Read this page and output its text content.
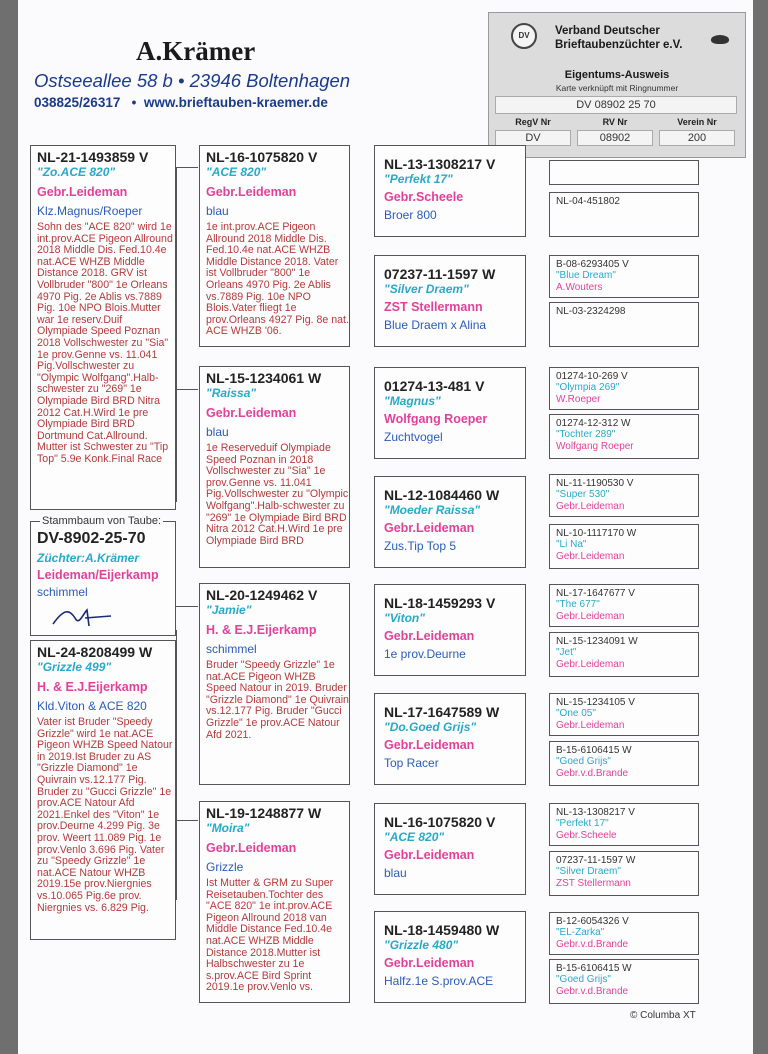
A.Krämer
Ostseeallee 58 b • 23946 Boltenhagen
038825/26317   •  www.brieftauben-kraemer.de
DV	Verband Deutscher
Brieftaubenzüchter e.V.
Eigentums-Ausweis
Karte verknüpft mit Ringnummer
DV 08902 25 70
RegV Nr
DV
RV Nr
08902
Verein Nr
200
NL-21-1493859 V
"Zo.ACE 820"
Gebr.Leideman
Klz.Magnus/Roeper
Sohn des "ACE 820" wird 1e int.prov.ACE Pigeon Allround 2018 Middle Dis. Fed.10.4e nat.ACE WHZB Middle Distance 2018. GRV ist Vollbruder "800" 1e Orleans 4970 Pig. 2e Ablis vs.7889 Pig. 10e NPO Blois.Mutter war 1e reserv.Duif Olympiade Speed Poznan 2018 Vollschwester zu "Sia" 1e prov.Genne vs. 11.041 Pig.Vollschwester zu "Olympic Wolfgang".Halb-schwester zu "269" 1e Olympiade Bird BRD Nitra 2012 Cat.H.Wird 1e pre Olympiade Bird BRD Dortmund Cat.Allround. Mutter ist Schwester zu "Tip Top" 5.9e Konk.Final Race
Stammbaum von Taube:
DV-8902-25-70
Züchter:A.Krämer
Leideman/Eijerkamp
schimmel
NL-24-8208499 W
"Grizzle 499"
H. & E.J.Eijerkamp
Kld.Viton & ACE 820
Vater ist Bruder "Speedy Grizzle" wird 1e nat.ACE Pigeon WHZB Speed Natour in 2019.Ist Bruder zu AS "Grizzle Diamond" 1e Quivrain vs.12.177 Pig. Bruder zu "Gucci Grizzle" 1e prov.ACE Natour Afd 2021.Enkel des "Viton" 1e prov.Deurne 4.299 Pig. 3e prov. Weert 11.089 Pig. 1e prov.Venlo 3.696 Pig. Vater zu "Speedy Grizzle" 1e nat.ACE Natour WHZB 2019.15e prov.Niergnies vs.10.065 Pig.6e prov. Niergnies vs. 6.829 Pig.
NL-16-1075820 V
"ACE 820"
Gebr.Leideman
blau
1e int.prov.ACE Pigeon Allround 2018 Middle Dis. Fed.10.4e nat.ACE WHZB Middle Distance 2018. Vater ist Vollbruder "800" 1e Orleans 4970 Pig. 2e Ablis vs.7889 Pig. 10e NPO Blois.Vater fliegt 1e prov.Orleans 4927 Pig. 8e nat. ACE WHZB '06.
NL-15-1234061 W
"Raissa"
Gebr.Leideman
blau
1e Reserveduif Olympiade Speed Poznan in 2018 Vollschwester zu "Sia" 1e prov.Genne vs. 11.041 Pig.Vollschwester zu "Olympic Wolfgang".Halb-schwester zu "269" 1e Olympiade Bird BRD Nitra 2012 Cat.H.Wird 1e pre Olympiade Bird BRD
NL-20-1249462 V
"Jamie"
H. & E.J.Eijerkamp
schimmel
Bruder "Speedy Grizzle" 1e nat.ACE Pigeon WHZB Speed Natour in 2019. Bruder "Grizzle Diamond" 1e Quivrain vs.12.177 Pig. Bruder "Gucci Grizzle" 1e prov.ACE Natour Afd 2021.
NL-19-1248877 W
"Moira"
Gebr.Leideman
Grizzle
Ist Mutter & GRM zu Super Reisetauben.Tochter des "ACE 820" 1e int.prov.ACE Pigeon Allround 2018 van Middle Distance Fed.10.4e nat.ACE WHZB Middle Distance 2018.Mutter ist Halbschwester zu 1e s.prov.ACE Bird Sprint 2019.1e prov.Venlo vs.
NL-13-1308217 V
"Perfekt 17"
Gebr.Scheele
Broer 800
07237-11-1597 W
"Silver Draem"
ZST Stellermann
Blue Draem x Alina
01274-13-481 V
"Magnus"
Wolfgang Roeper
Zuchtvogel
NL-12-1084460 W
"Moeder Raissa"
Gebr.Leideman
Zus.Tip Top 5
NL-18-1459293 V
"Viton"
Gebr.Leideman
1e prov.Deurne
NL-17-1647589 W
"Do.Goed Grijs"
Gebr.Leideman
Top Racer
NL-16-1075820 V
"ACE 820"
Gebr.Leideman
blau
NL-18-1459480 W
"Grizzle 480"
Gebr.Leideman
Halfz.1e S.prov.ACE
NL-04-451802
B-08-6293405 V
"Blue Dream"
A.Wouters
NL-03-2324298
01274-10-269 V
"Olympia 269"
W.Roeper
01274-12-312 W
"Tochter 289"
Wolfgang Roeper
NL-11-1190530 V
"Super 530"
Gebr.Leideman
NL-10-1117170 W
"Li Na"
Gebr.Leideman
NL-17-1647677 V
"The 677"
Gebr.Leideman
NL-15-1234091 W
"Jet"
Gebr.Leideman
NL-15-1234105 V
"One 05"
Gebr.Leideman
B-15-6106415 W
"Goed Grijs"
Gebr.v.d.Brande
NL-13-1308217 V
"Perfekt 17"
Gebr.Scheele
07237-11-1597 W
"Silver Draem"
ZST Stellermann
B-12-6054326 V
"EL-Zarka"
Gebr.v.d.Brande
B-15-6106415 W
"Goed Grijs"
Gebr.v.d.Brande
© Columba XT
